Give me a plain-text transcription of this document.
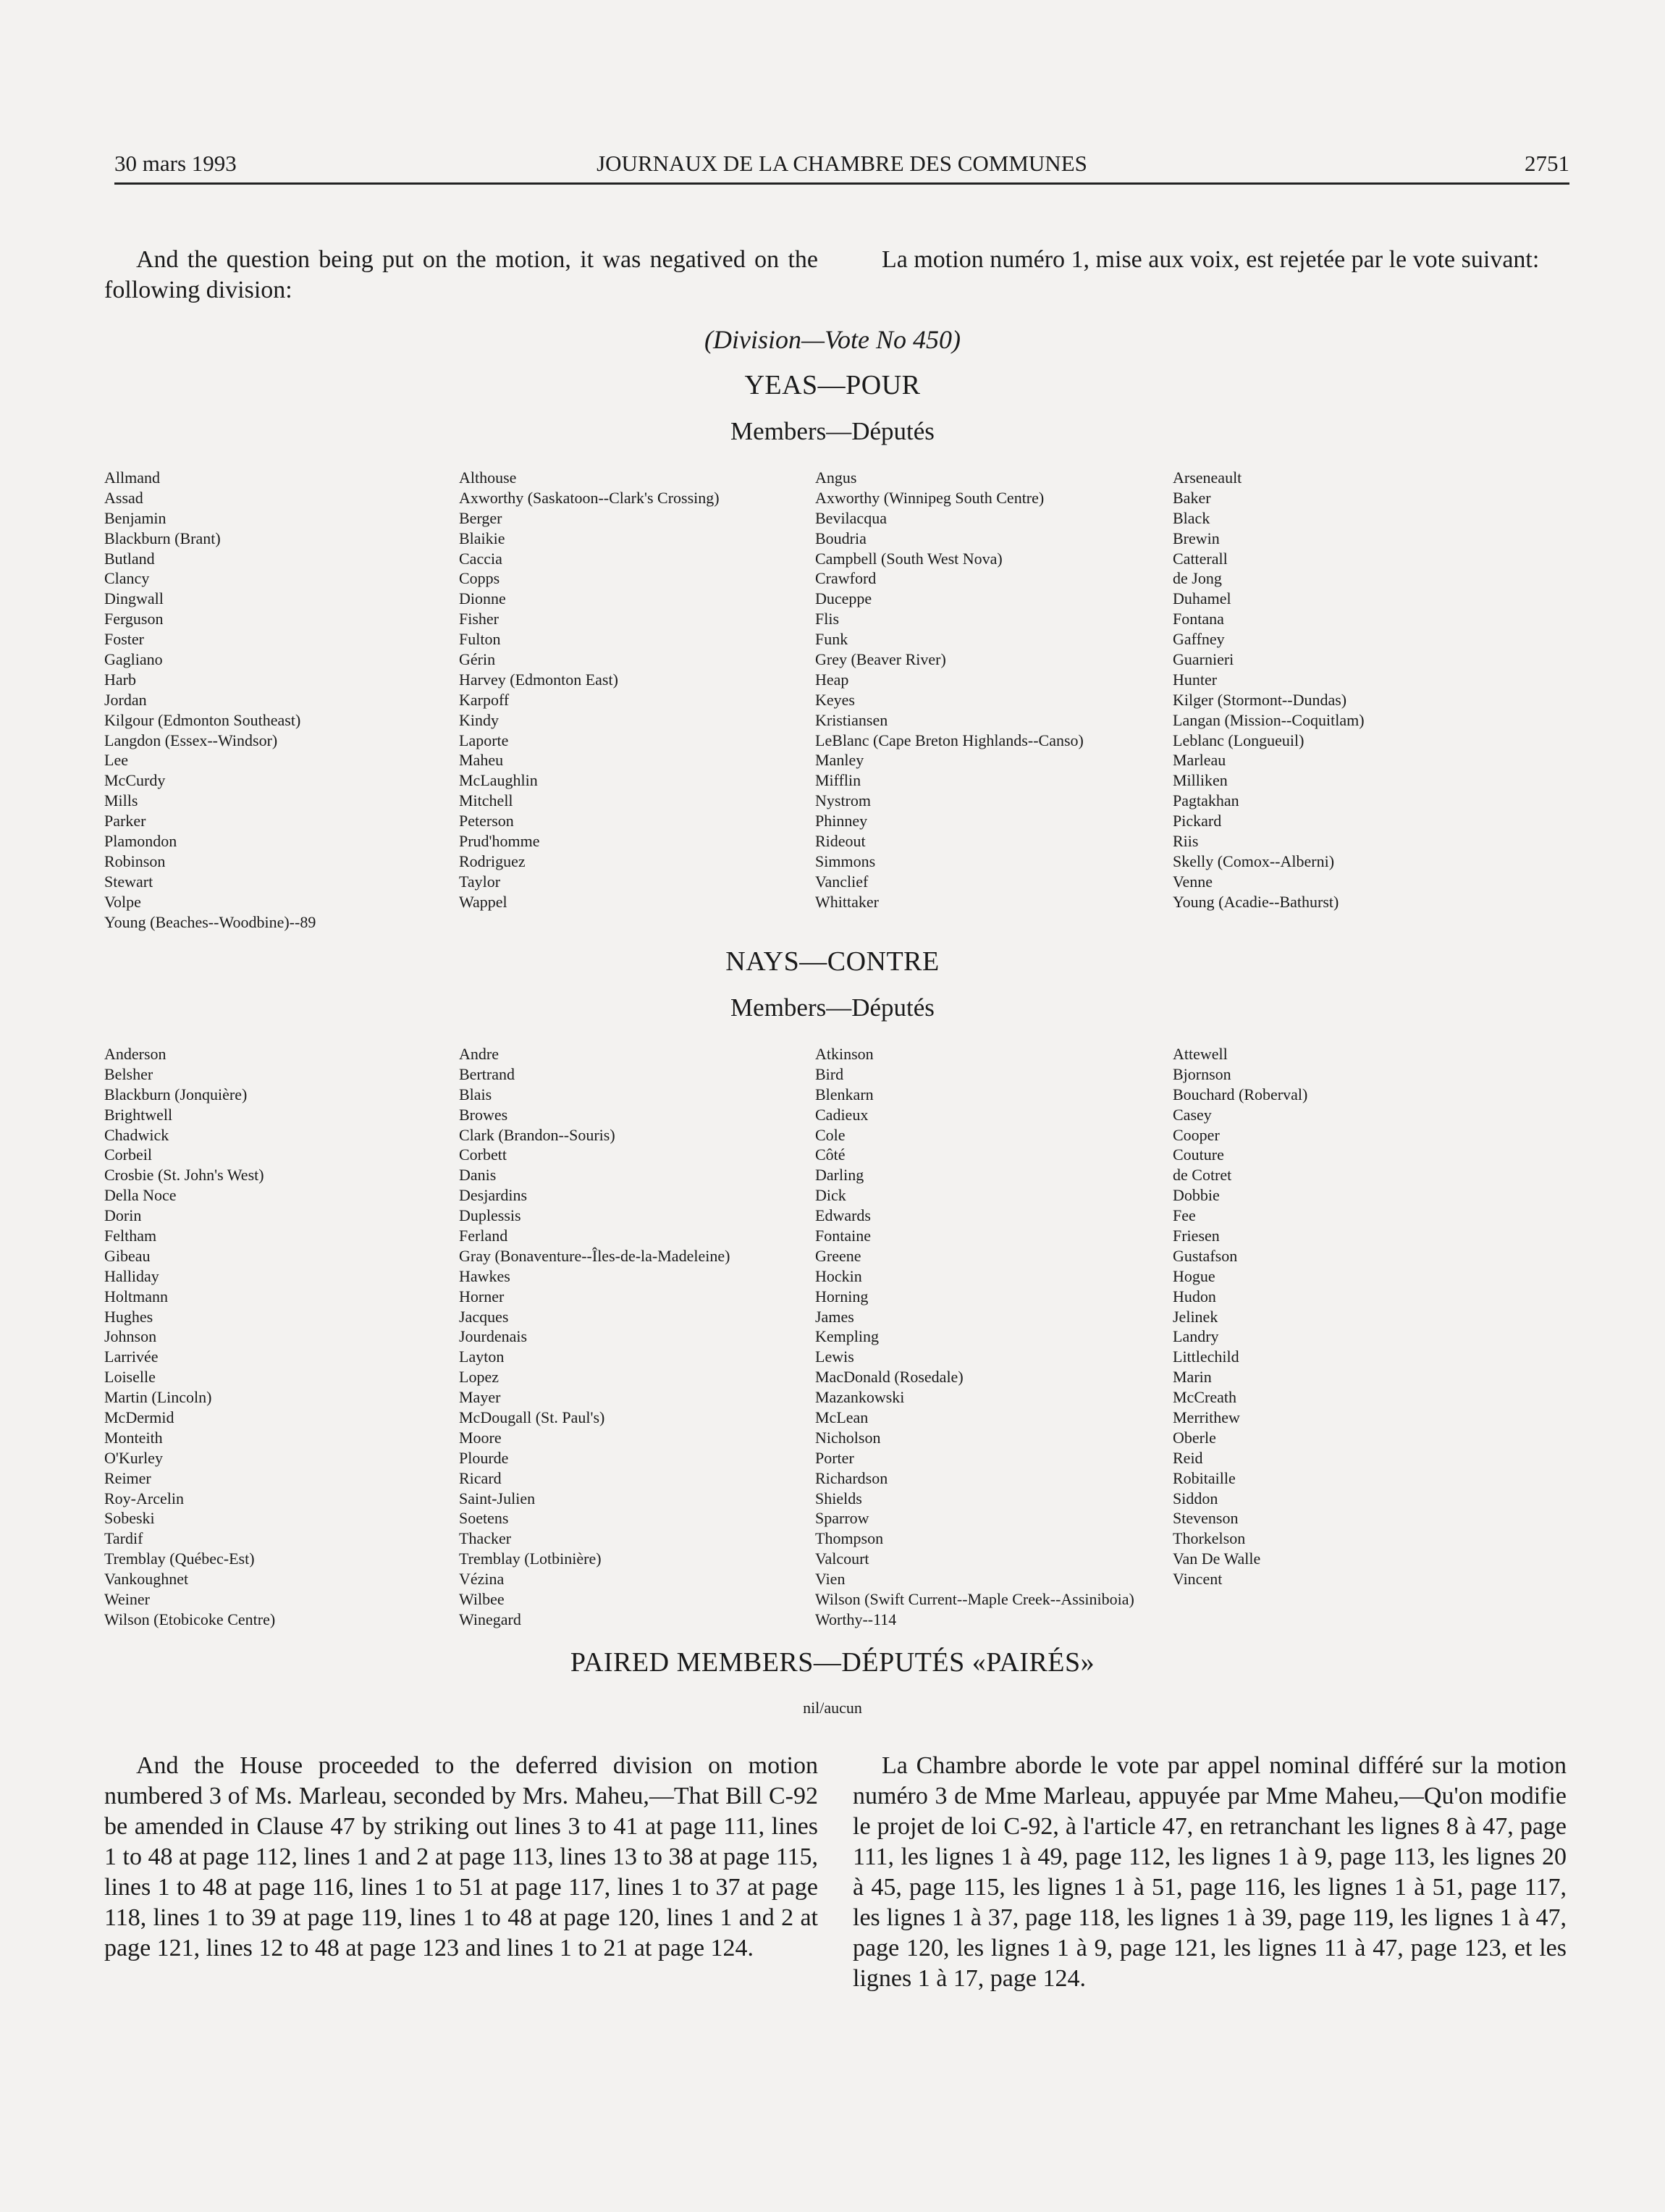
30 mars 1993	JOURNAUX DE LA CHAMBRE DES COMMUNES	2751
And the question being put on the motion, it was negatived on the following division:
La motion numéro 1, mise aux voix, est rejetée par le vote suivant:
(Division—Vote No 450)
YEAS—POUR
Members—Députés
Allmand
Assad
Benjamin
Blackburn (Brant)
Butland
Clancy
Dingwall
Ferguson
Foster
Gagliano
Harb
Jordan
Kilgour (Edmonton Southeast)
Langdon (Essex--Windsor)
Lee
McCurdy
Mills
Parker
Plamondon
Robinson
Stewart
Volpe
Young (Beaches--Woodbine)--89
Althouse
Axworthy (Saskatoon--Clark's Crossing)
Berger
Blaikie
Caccia
Copps
Dionne
Fisher
Fulton
Gérin
Harvey (Edmonton East)
Karpoff
Kindy
Laporte
Maheu
McLaughlin
Mitchell
Peterson
Prud'homme
Rodriguez
Taylor
Wappel
Angus
Axworthy (Winnipeg South Centre)
Bevilacqua
Boudria
Campbell (South West Nova)
Crawford
Duceppe
Flis
Funk
Grey (Beaver River)
Heap
Keyes
Kristiansen
LeBlanc (Cape Breton Highlands--Canso)
Manley
Mifflin
Nystrom
Phinney
Rideout
Simmons
Vanclief
Whittaker
Arseneault
Baker
Black
Brewin
Catterall
de Jong
Duhamel
Fontana
Gaffney
Guarnieri
Hunter
Kilger (Stormont--Dundas)
Langan (Mission--Coquitlam)
Leblanc (Longueuil)
Marleau
Milliken
Pagtakhan
Pickard
Riis
Skelly (Comox--Alberni)
Venne
Young (Acadie--Bathurst)
NAYS—CONTRE
Members—Députés
Anderson
Belsher
Blackburn (Jonquière)
Brightwell
Chadwick
Corbeil
Crosbie (St. John's West)
Della Noce
Dorin
Feltham
Gibeau
Halliday
Holtmann
Hughes
Johnson
Larrivée
Loiselle
Martin (Lincoln)
McDermid
Monteith
O'Kurley
Reimer
Roy-Arcelin
Sobeski
Tardif
Tremblay (Québec-Est)
Vankoughnet
Weiner
Wilson (Etobicoke Centre)
Andre
Bertrand
Blais
Browes
Clark (Brandon--Souris)
Corbett
Danis
Desjardins
Duplessis
Ferland
Gray (Bonaventure--Îles-de-la-Madeleine)
Hawkes
Horner
Jacques
Jourdenais
Layton
Lopez
Mayer
McDougall (St. Paul's)
Moore
Plourde
Ricard
Saint-Julien
Soetens
Thacker
Tremblay (Lotbinière)
Vézina
Wilbee
Winegard
Atkinson
Bird
Blenkarn
Cadieux
Cole
Côté
Darling
Dick
Edwards
Fontaine
Greene
Hockin
Horning
James
Kempling
Lewis
MacDonald (Rosedale)
Mazankowski
McLean
Nicholson
Porter
Richardson
Shields
Sparrow
Thompson
Valcourt
Vien
Wilson (Swift Current--Maple Creek--Assiniboia)
Worthy--114
Attewell
Bjornson
Bouchard (Roberval)
Casey
Cooper
Couture
de Cotret
Dobbie
Fee
Friesen
Gustafson
Hogue
Hudon
Jelinek
Landry
Littlechild
Marin
McCreath
Merrithew
Oberle
Reid
Robitaille
Siddon
Stevenson
Thorkelson
Van De Walle
Vincent
PAIRED MEMBERS—DÉPUTÉS «PAIRÉS»
nil/aucun
And the House proceeded to the deferred division on motion numbered 3 of Ms. Marleau, seconded by Mrs. Maheu,—That Bill C-92 be amended in Clause 47 by striking out lines 3 to 41 at page 111, lines 1 to 48 at page 112, lines 1 and 2 at page 113, lines 13 to 38 at page 115, lines 1 to 48 at page 116, lines 1 to 51 at page 117, lines 1 to 37 at page 118, lines 1 to 39 at page 119, lines 1 to 48 at page 120, lines 1 and 2 at page 121, lines 12 to 48 at page 123 and lines 1 to 21 at page 124.
La Chambre aborde le vote par appel nominal différé sur la motion numéro 3 de Mme Marleau, appuyée par Mme Maheu,—Qu'on modifie le projet de loi C-92, à l'article 47, en retranchant les lignes 8 à 47, page 111, les lignes 1 à 49, page 112, les lignes 1 à 9, page 113, les lignes 20 à 45, page 115, les lignes 1 à 51, page 116, les lignes 1 à 51, page 117, les lignes 1 à 37, page 118, les lignes 1 à 39, page 119, les lignes 1 à 47, page 120, les lignes 1 à 9, page 121, les lignes 11 à 47, page 123, et les lignes 1 à 17, page 124.
